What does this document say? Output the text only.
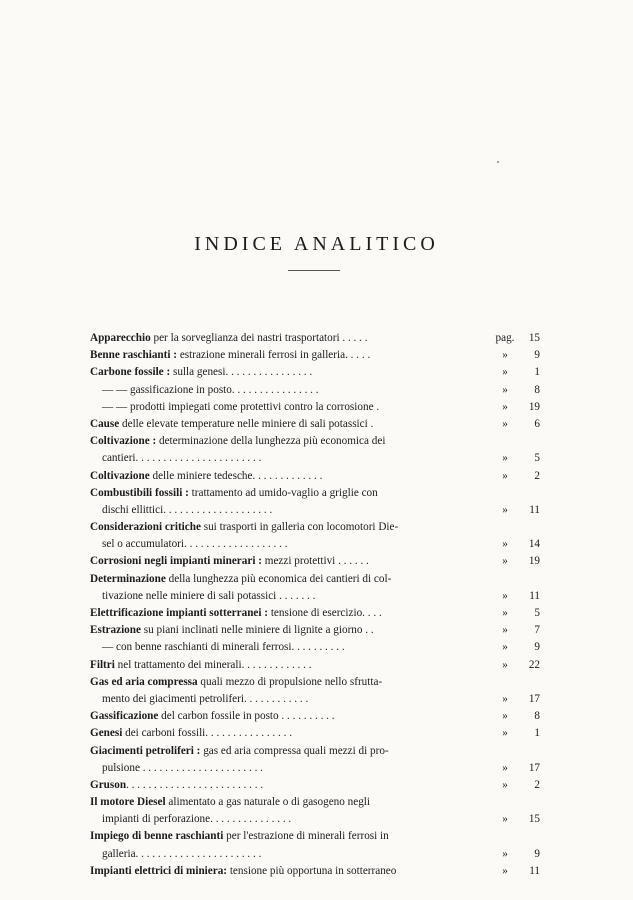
INDICE ANALITICO
Apparecchio per la sorveglianza dei nastri trasportatori . . . . .	pag.	15
Benne raschianti : estrazione minerali ferrosi in galleria. . . . .	»	9
Carbone fossile : sulla genesi. . . . . . . . . . . . . . . .	»	1
— — gassificazione in posto. . . . . . . . . . . . . . . .	»	8
— — prodotti impiegati come protettivi contro la corrosione .	»	19
Cause delle elevate temperature nelle miniere di sali potassici .	»	6
Coltivazione : determinazione della lunghezza più economica dei
cantieri. . . . . . . . . . . . . . . . . . . . . . .	»	5
Coltivazione delle miniere tedesche. . . . . . . . . . . . .	»	2
Combustibili fossili : trattamento ad umido-vaglio a griglie con
dischi ellittici. . . . . . . . . . . . . . . . . . . .	»	11
Considerazioni critiche sui trasporti in galleria con locomotori Die-
sel o accumulatori. . . . . . . . . . . . . . . . . . .	»	14
Corrosioni negli impianti minerari : mezzi protettivi . . . . . .	»	19
Determinazione della lunghezza più economica dei cantieri di col-
tivazione nelle miniere di sali potassici . . . . . . .	»	11
Elettrificazione impianti sotterranei : tensione di esercizio. . . .	»	5
Estrazione su piani inclinati nelle miniere di lignite a giorno . .	»	7
— con benne raschianti di minerali ferrosi. . . . . . . . . .	»	9
Filtri nel trattamento dei minerali. . . . . . . . . . . . .	»	22
Gas ed aria compressa quali mezzo di propulsione nello sfrutta-
mento dei giacimenti petroliferi. . . . . . . . . . . .	»	17
Gassificazione del carbon fossile in posto . . . . . . . . . .	»	8
Genesi dei carboni fossili. . . . . . . . . . . . . . . .	»	1
Giacimenti petroliferi : gas ed aria compressa quali mezzi di pro-
pulsione . . . . . . . . . . . . . . . . . . . . . .	»	17
Gruson. . . . . . . . . . . . . . . . . . . . . . . . .	»	2
Il motore Diesel alimentato a gas naturale o di gasogeno negli
impianti di perforazione. . . . . . . . . . . . . . .	»	15
Impiego di benne raschianti per l'estrazione di minerali ferrosi in
galleria. . . . . . . . . . . . . . . . . . . . . . .	»	9
Impianti elettrici di miniera: tensione più opportuna in sotterraneo	»	11
